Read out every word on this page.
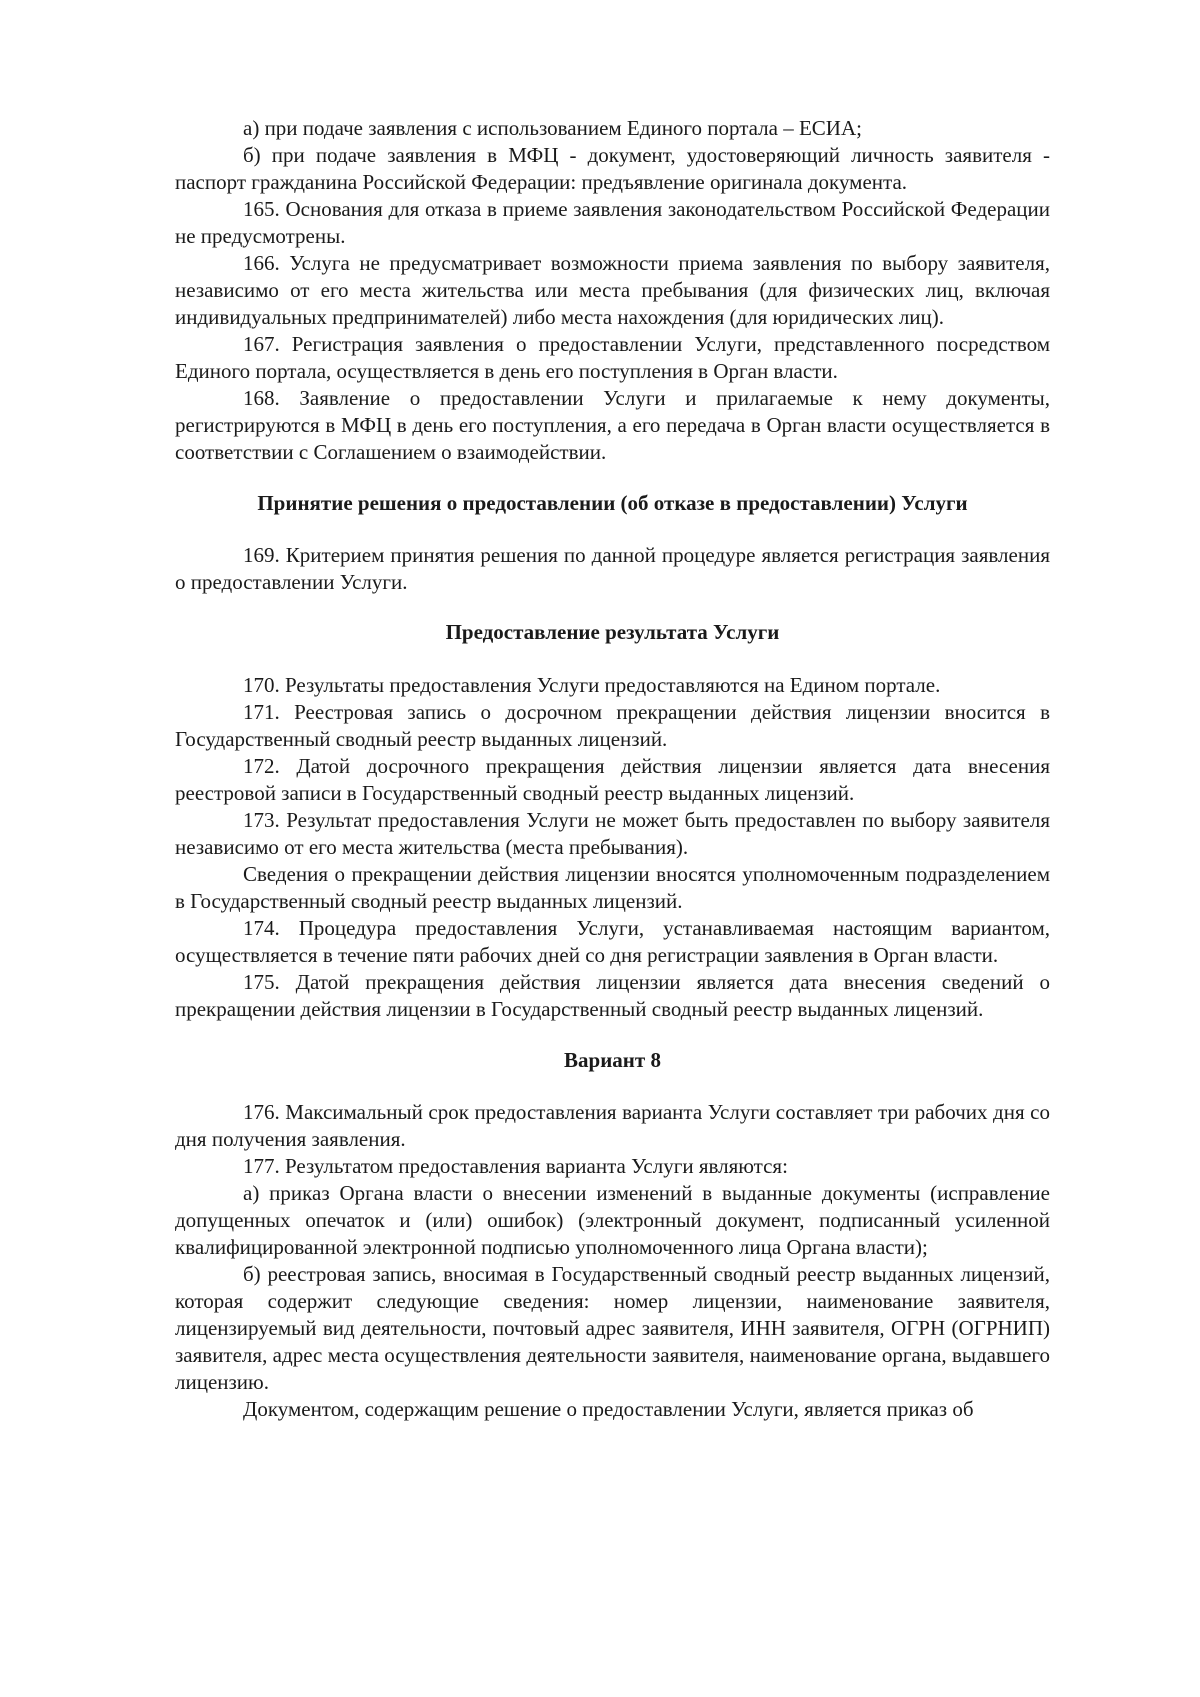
а) при подаче заявления с использованием Единого портала – ЕСИА;

б) при подаче заявления в МФЦ - документ, удостоверяющий личность заявителя - паспорт гражданина Российской Федерации: предъявление оригинала документа.

165. Основания для отказа в приеме заявления законодательством Российской Федерации не предусмотрены.

166. Услуга не предусматривает возможности приема заявления по выбору заявителя, независимо от его места жительства или места пребывания (для физических лиц, включая индивидуальных предпринимателей) либо места нахождения (для юридических лиц).

167. Регистрация заявления о предоставлении Услуги, представленного посредством Единого портала, осуществляется в день его поступления в Орган власти.

168. Заявление о предоставлении Услуги и прилагаемые к нему документы, регистрируются в МФЦ в день его поступления, а его передача в Орган власти осуществляется в соответствии с Соглашением о взаимодействии.

Принятие решения о предоставлении (об отказе в предоставлении) Услуги

169. Критерием принятия решения по данной процедуре является регистрация заявления о предоставлении Услуги.

Предоставление результата Услуги

170. Результаты предоставления Услуги предоставляются на Едином портале.

171. Реестровая запись о досрочном прекращении действия лицензии вносится в Государственный сводный реестр выданных лицензий.

172. Датой досрочного прекращения действия лицензии является дата внесения реестровой записи в Государственный сводный реестр выданных лицензий.

173. Результат предоставления Услуги не может быть предоставлен по выбору заявителя независимо от его места жительства (места пребывания).

Сведения о прекращении действия лицензии вносятся уполномоченным подразделением в Государственный сводный реестр выданных лицензий.

174. Процедура предоставления Услуги, устанавливаемая настоящим вариантом, осуществляется в течение пяти рабочих дней со дня регистрации заявления в Орган власти.

175. Датой прекращения действия лицензии является дата внесения сведений о прекращении действия лицензии в Государственный сводный реестр выданных лицензий.

Вариант 8

176. Максимальный срок предоставления варианта Услуги составляет три рабочих дня со дня получения заявления.

177. Результатом предоставления варианта Услуги являются:

а) приказ Органа власти о внесении изменений в выданные документы (исправление допущенных опечаток и (или) ошибок) (электронный документ, подписанный усиленной квалифицированной электронной подписью уполномоченного лица Органа власти);

б) реестровая запись, вносимая в Государственный сводный реестр выданных лицензий, которая содержит следующие сведения: номер лицензии, наименование заявителя, лицензируемый вид деятельности, почтовый адрес заявителя, ИНН заявителя, ОГРН (ОГРНИП) заявителя, адрес места осуществления деятельности заявителя, наименование органа, выдавшего лицензию.

Документом, содержащим решение о предоставлении Услуги, является приказ об
